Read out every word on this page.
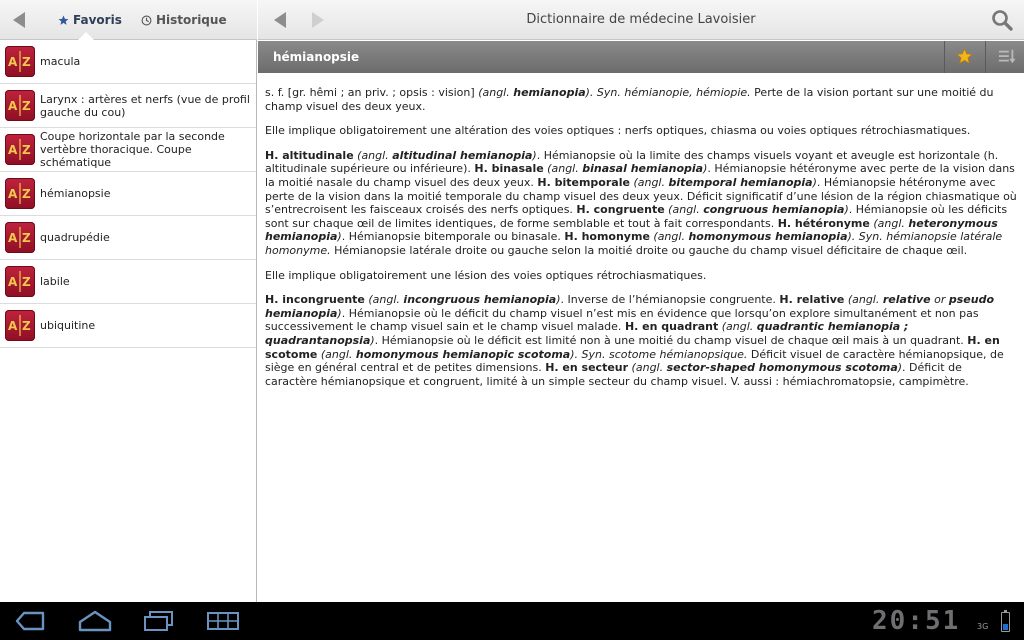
Favoris	Historique
A Z macula
A Z Larynx : artères et nerfs (vue de profil gauche du cou)
A Z
Coupe horizontale par la seconde vertèbre thoracique. Coupe schématique
A Z hémianopsie
A Z quadrupédie
A Z labile
A Z ubiquitine
Dictionnaire de médecine Lavoisier
hémianopsie

s. f. [gr. hêmi ; an priv. ; opsis : vision] (angl. hemianopia). Syn. hémianopie, hémiopie. Perte de la vision portant sur une moitié du champ visuel des deux yeux.

Elle implique obligatoirement une altération des voies optiques : nerfs optiques, chiasma ou voies optiques rétrochiasmatiques.

H. altitudinale (angl. altitudinal hemianopia). Hémianopsie où la limite des champs visuels voyant et aveugle est horizontale (h. altitudinale supérieure ou inférieure). H. binasale (angl. binasal hemianopia). Hémianopsie hétéronyme avec perte de la vision dans la moitié nasale du champ visuel des deux yeux. H. bitemporale (angl. bitemporal hemianopia). Hémianopsie hétéronyme avec perte de la vision dans la moitié temporale du champ visuel des deux yeux. Déficit significatif d’une lésion de la région chiasmatique où s’entrecroisent les faisceaux croisés des nerfs optiques. H. congruente (angl. congruous hemianopia). Hémianopsie où les déficits sont sur chaque œil de limites identiques, de forme semblable et tout à fait correspondants. H. hétéronyme (angl. heteronymous hemianopia). Hémianopsie bitemporale ou binasale. H. homonyme (angl. homonymous hemianopia). Syn. hémianopsie latérale homonyme. Hémianopsie latérale droite ou gauche selon la moitié droite ou gauche du champ visuel déficitaire de chaque œil.

Elle implique obligatoirement une lésion des voies optiques rétrochiasmatiques.

H. incongruente (angl. incongruous hemianopia). Inverse de l’hémianopsie congruente. H. relative (angl. relative or pseudo hemianopia). Hémianopsie où le déficit du champ visuel n’est mis en évidence que lorsqu’on explore simultanément et non pas successivement le champ visuel sain et le champ visuel malade. H. en quadrant (angl. quadrantic hemianopia ; quadrantanopsia). Hémianopsie où le déficit est limité non à une moitié du champ visuel de chaque œil mais à un quadrant. H. en scotome (angl. homonymous hemianopic scotoma). Syn. scotome hémianopsique. Déficit visuel de caractère hémianopsique, de siège en général central et de petites dimensions. H. en secteur (angl. sector-shaped homonymous scotoma). Déficit de caractère hémianopsique et congruent, limité à un simple secteur du champ visuel. V. aussi : hémiachromatopsie, campimètre.

20:51 3G
